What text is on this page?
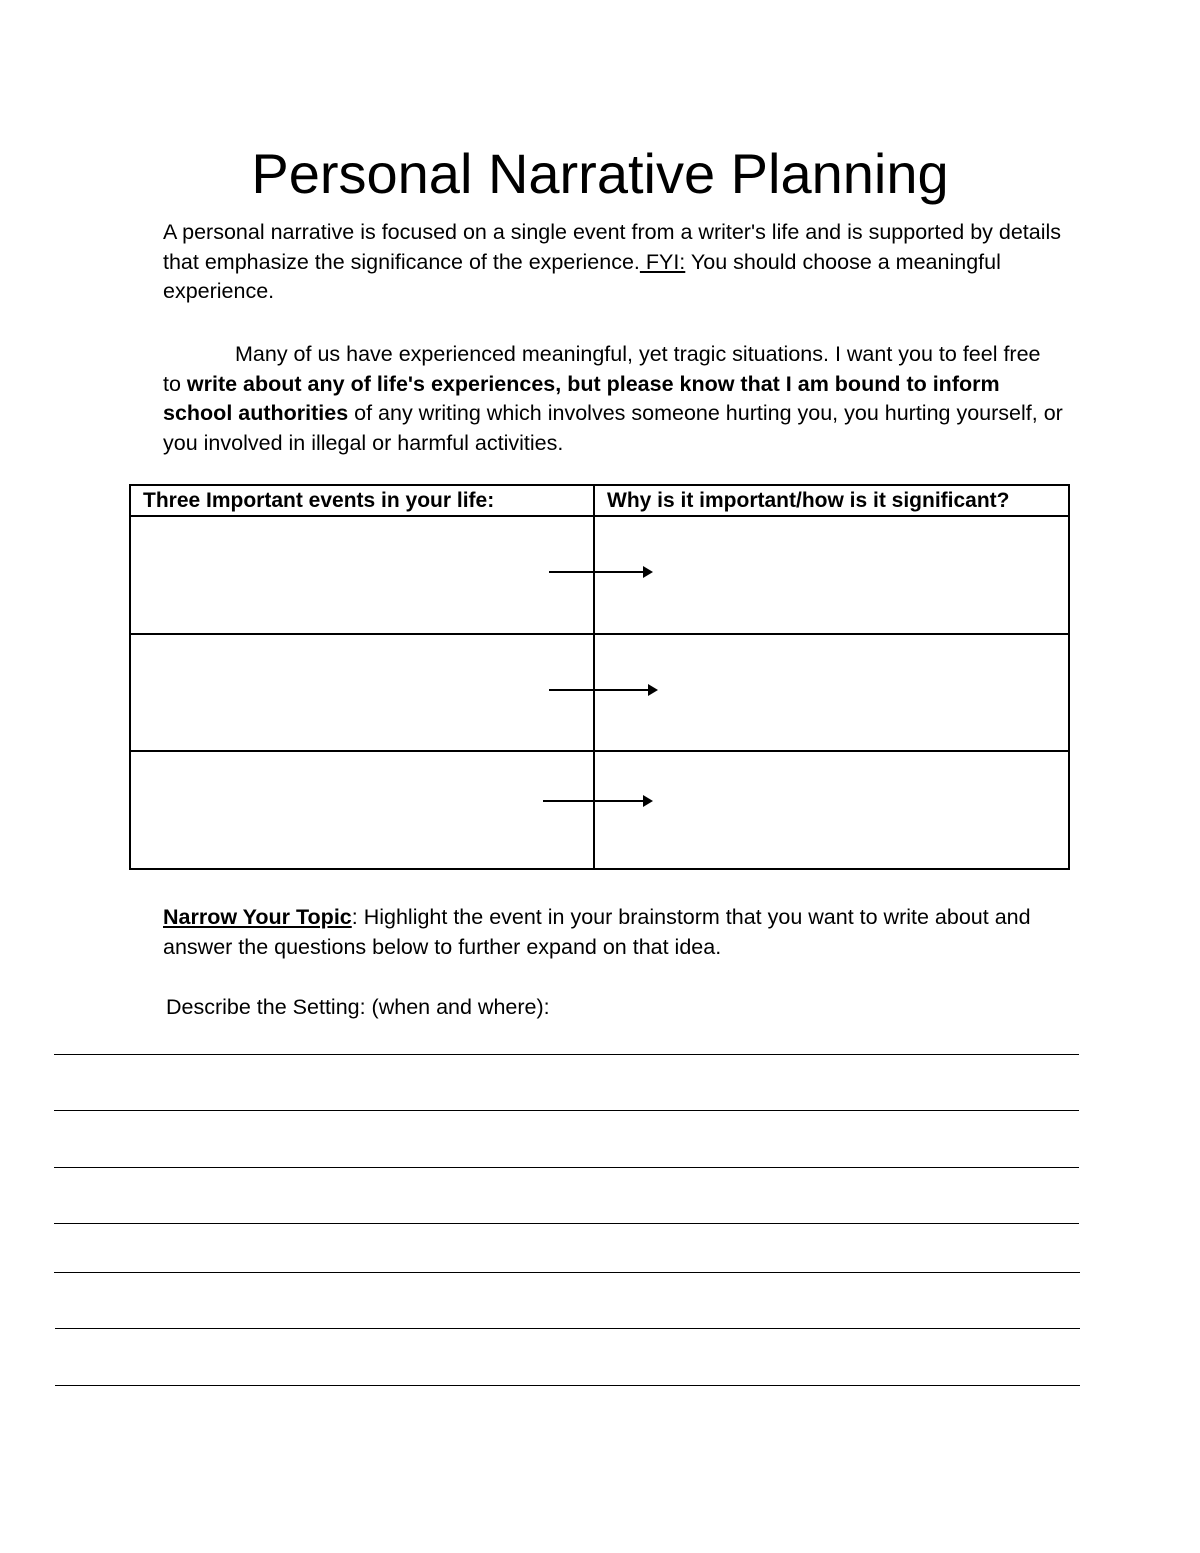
Personal Narrative Planning

A personal narrative is focused on a single event from a writer's life and is supported by details that emphasize the significance of the experience. FYI: You should choose a meaningful experience.

Many of us have experienced meaningful, yet tragic situations. I want you to feel free to write about any of life's experiences, but please know that I am bound to inform school authorities of any writing which involves someone hurting you, you hurting yourself, or you involved in illegal or harmful activities.

Three Important events in your life:	Why is it important/how is it significant?

Narrow Your Topic: Highlight the event in your brainstorm that you want to write about and answer the questions below to further expand on that idea.

Describe the Setting: (when and where):
